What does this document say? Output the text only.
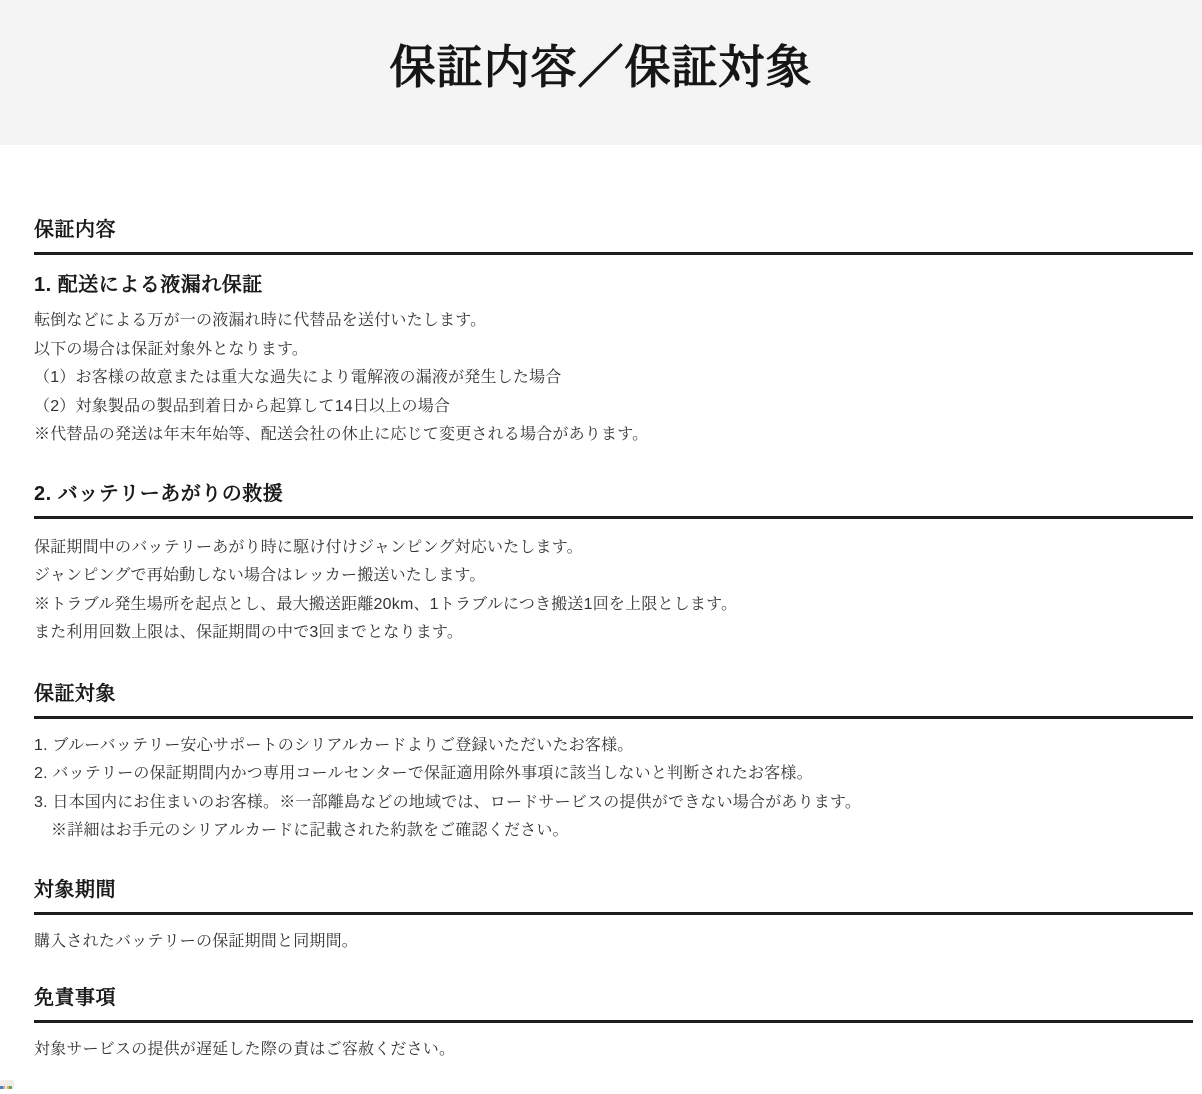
保証内容／保証対象
保証内容
1. 配送による液漏れ保証

転倒などによる万が一の液漏れ時に代替品を送付いたします。

以下の場合は保証対象外となります。

（1）お客様の故意または重大な過失により電解液の漏液が発生した場合

（2）対象製品の製品到着日から起算して14日以上の場合

※代替品の発送は年末年始等、配送会社の休止に応じて変更される場合があります。

2. バッテリーあがりの救援

保証期間中のバッテリーあがり時に駆け付けジャンピング対応いたします。

ジャンピングで再始動しない場合はレッカー搬送いたします。

※トラブル発生場所を起点とし、最大搬送距離20km、1トラブルにつき搬送1回を上限とします。

また利用回数上限は、保証期間の中で3回までとなります。

保証対象

1. ブルーバッテリー安心サポートのシリアルカードよりご登録いただいたお客様。

2. バッテリーの保証期間内かつ専用コールセンターで保証適用除外事項に該当しないと判断されたお客様。

3. 日本国内にお住まいのお客様。※一部離島などの地域では、ロードサービスの提供ができない場合があります。

※詳細はお手元のシリアルカードに記載された約款をご確認ください。

対象期間

購入されたバッテリーの保証期間と同期間。

免責事項

対象サービスの提供が遅延した際の責はご容赦ください。
